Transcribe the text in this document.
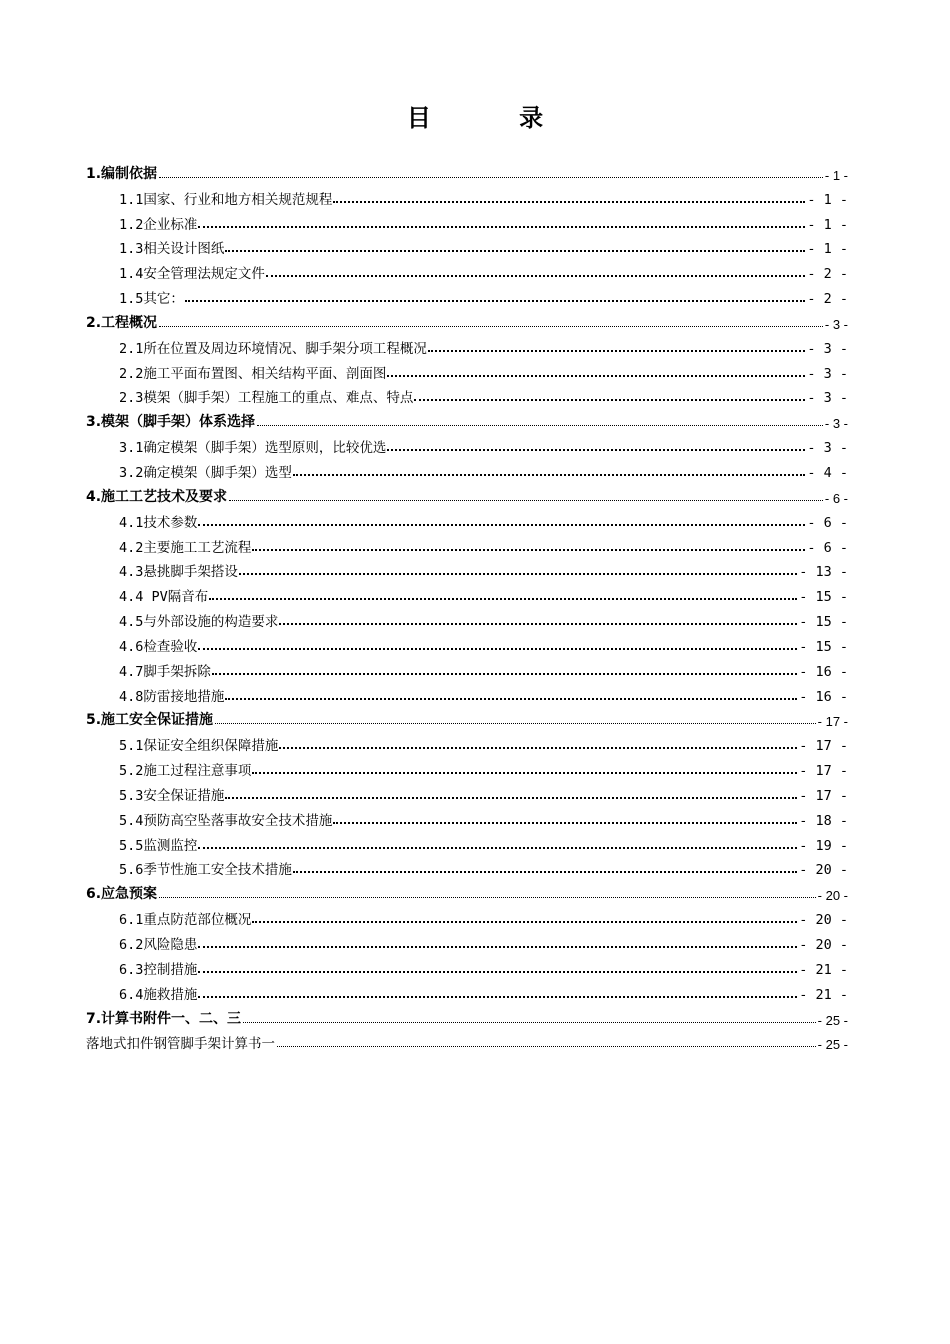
目 录
1.编制依据	- 1 -
1.1国家、行业和地方相关规范规程	- 1 -
1.2企业标准	- 1 -
1.3相关设计图纸	- 1 -
1.4安全管理法规定文件	- 2 -
1.5其它：	- 2 -
2.工程概况	- 3 -
2.1所在位置及周边环境情况、脚手架分项工程概况	- 3 -
2.2施工平面布置图、相关结构平面、剖面图	- 3 -
2.3模架（脚手架）工程施工的重点、难点、特点	- 3 -
3.模架（脚手架）体系选择	- 3 -
3.1确定模架（脚手架）选型原则，比较优选	- 3 -
3.2确定模架（脚手架）选型	- 4 -
4.施工工艺技术及要求	- 6 -
4.1技术参数	- 6 -
4.2主要施工工艺流程	- 6 -
4.3悬挑脚手架搭设	- 13 -
4.4 PV隔音布	- 15 -
4.5与外部设施的构造要求	- 15 -
4.6检查验收	- 15 -
4.7脚手架拆除	- 16 -
4.8防雷接地措施	- 16 -
5.施工安全保证措施	- 17 -
5.1保证安全组织保障措施	- 17 -
5.2施工过程注意事项	- 17 -
5.3安全保证措施	- 17 -
5.4预防高空坠落事故安全技术措施	- 18 -
5.5监测监控	- 19 -
5.6季节性施工安全技术措施	- 20 -
6.应急预案	- 20 -
6.1重点防范部位概况	- 20 -
6.2风险隐患	- 20 -
6.3控制措施	- 21 -
6.4施救措施	- 21 -
7.计算书附件一、二、三	- 25 -
落地式扣件钢管脚手架计算书一	- 25 -
